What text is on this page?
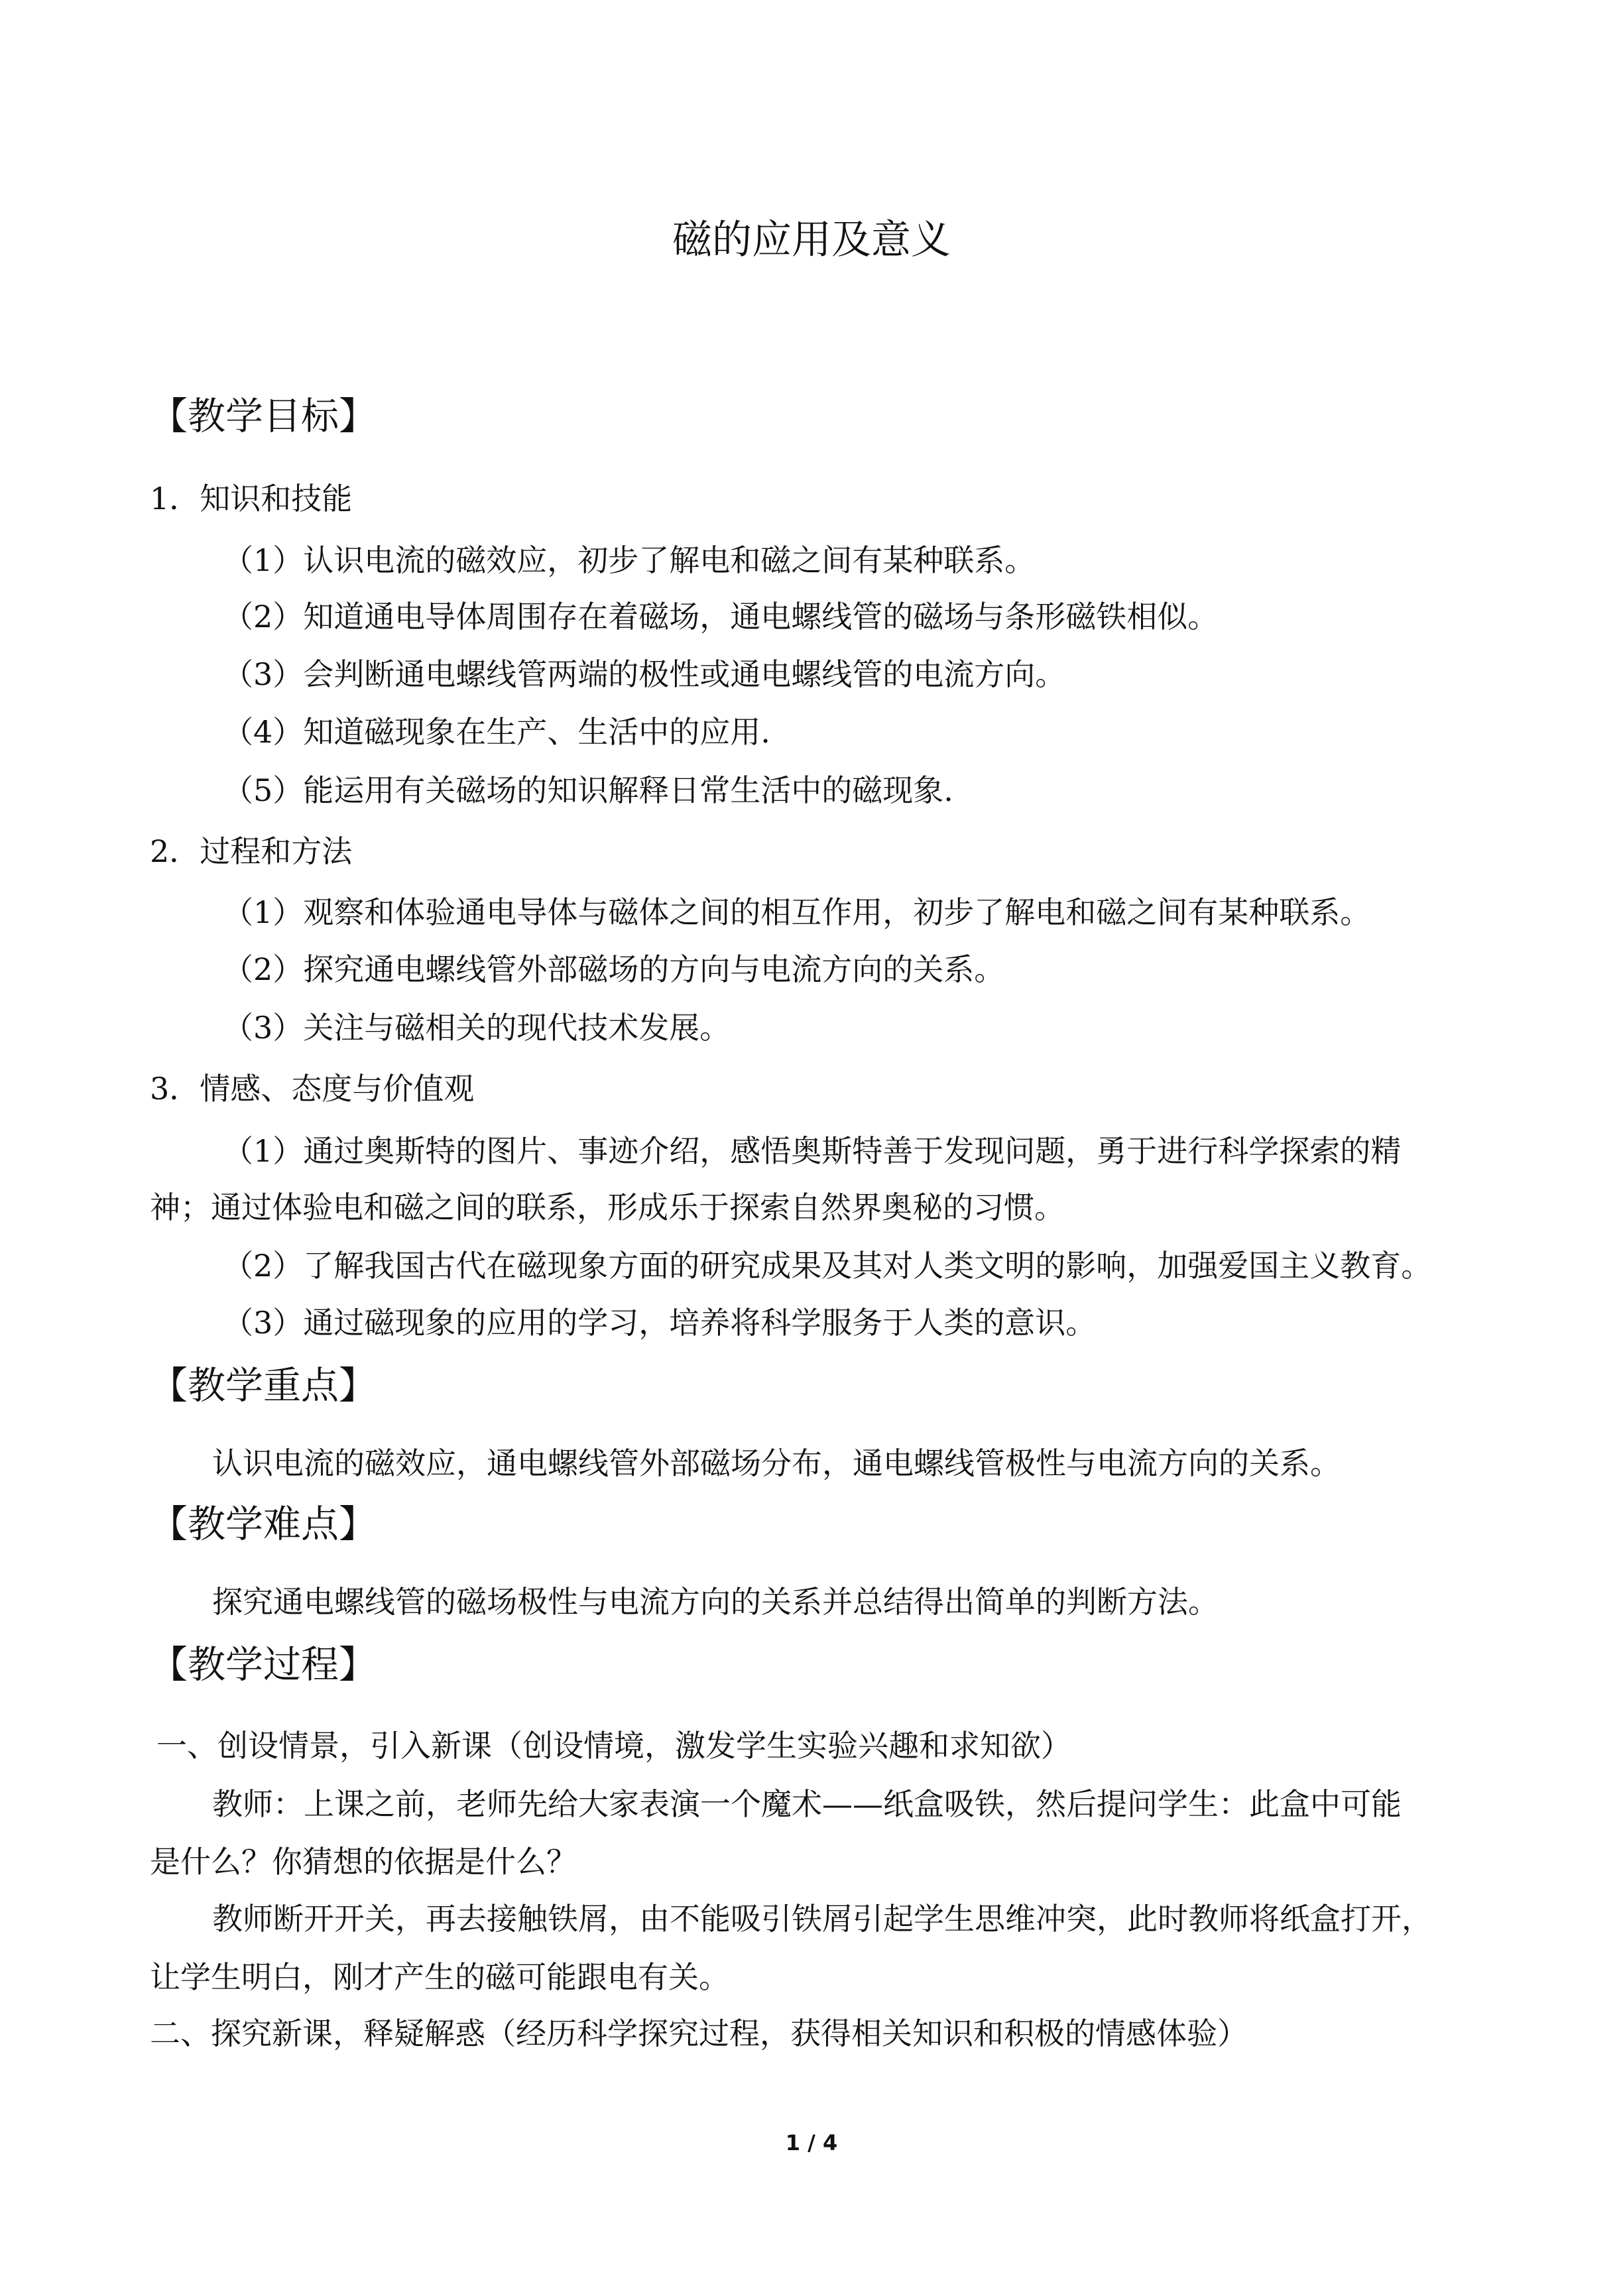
磁的应用及意义
【教学目标】
1．知识和技能
（1）认识电流的磁效应，初步了解电和磁之间有某种联系。
（2）知道通电导体周围存在着磁场，通电螺线管的磁场与条形磁铁相似。
（3）会判断通电螺线管两端的极性或通电螺线管的电流方向。
（4）知道磁现象在生产、生活中的应用.
（5）能运用有关磁场的知识解释日常生活中的磁现象.
2．过程和方法
（1）观察和体验通电导体与磁体之间的相互作用，初步了解电和磁之间有某种联系。
（2）探究通电螺线管外部磁场的方向与电流方向的关系。
（3）关注与磁相关的现代技术发展。
3．情感、态度与价值观
（1）通过奥斯特的图片、事迹介绍，感悟奥斯特善于发现问题，勇于进行科学探索的精
神；通过体验电和磁之间的联系，形成乐于探索自然界奥秘的习惯。
（2）了解我国古代在磁现象方面的研究成果及其对人类文明的影响，加强爱国主义教育。
（3）通过磁现象的应用的学习，培养将科学服务于人类的意识。
【教学重点】
认识电流的磁效应，通电螺线管外部磁场分布，通电螺线管极性与电流方向的关系。
【教学难点】
探究通电螺线管的磁场极性与电流方向的关系并总结得出简单的判断方法。
【教学过程】
一、创设情景，引入新课（创设情境，激发学生实验兴趣和求知欲）
教师：上课之前，老师先给大家表演一个魔术——纸盒吸铁，然后提问学生：此盒中可能
是什么？你猜想的依据是什么？
教师断开开关，再去接触铁屑，由不能吸引铁屑引起学生思维冲突，此时教师将纸盒打开，
让学生明白，刚才产生的磁可能跟电有关。
二、探究新课，释疑解惑（经历科学探究过程，获得相关知识和积极的情感体验）
1 / 4
